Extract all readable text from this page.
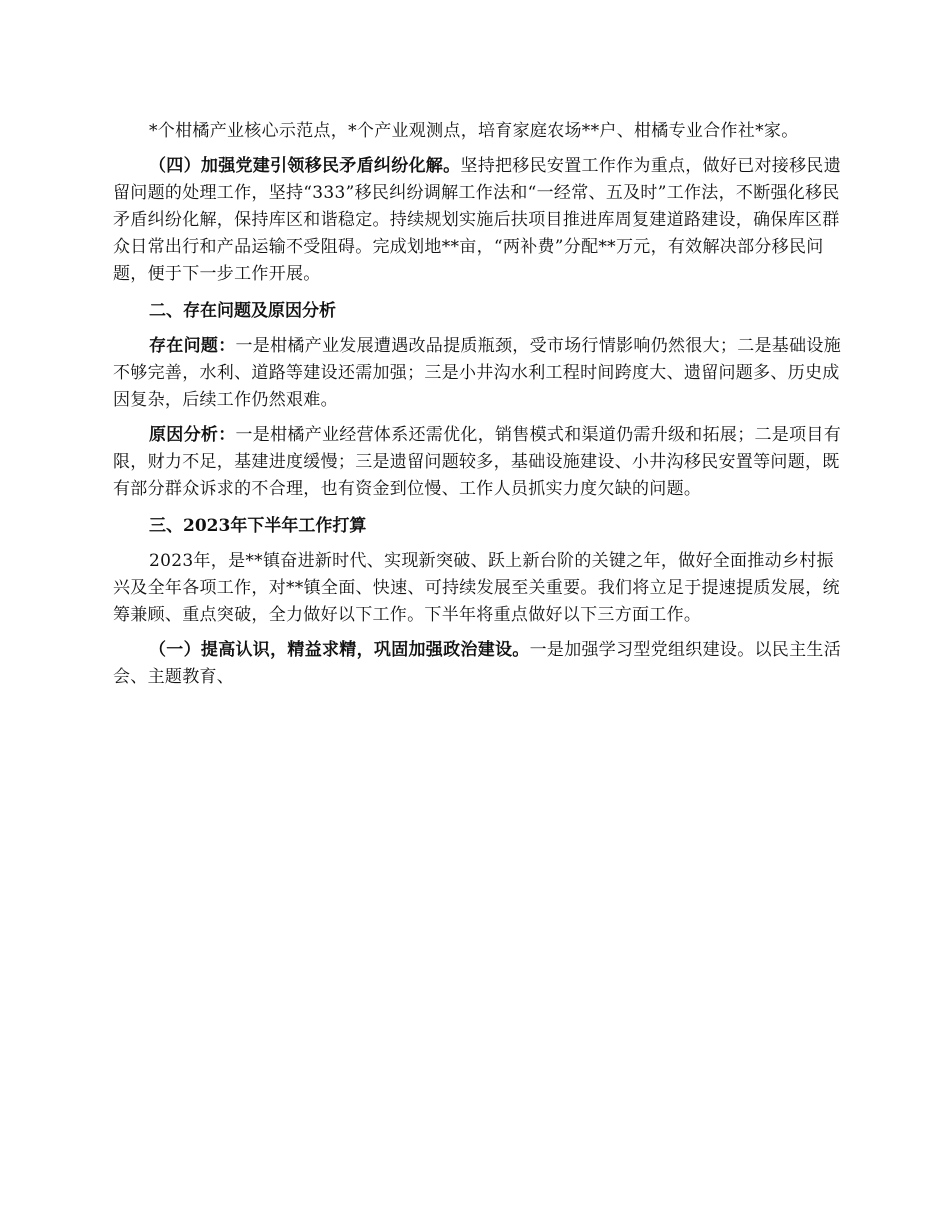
*个柑橘产业核心示范点，*个产业观测点，培育家庭农场**户、柑橘专业合作社*家。

（四）加强党建引领移民矛盾纠纷化解。坚持把移民安置工作作为重点，做好已对接移民遗留问题的处理工作，坚持“333”移民纠纷调解工作法和“一经常、五及时”工作法，不断强化移民矛盾纠纷化解，保持库区和谐稳定。持续规划实施后扶项目推进库周复建道路建设，确保库区群众日常出行和产品运输不受阻碍。完成划地**亩，“两补费”分配**万元，有效解决部分移民问题，便于下一步工作开展。

二、存在问题及原因分析

存在问题：一是柑橘产业发展遭遇改品提质瓶颈，受市场行情影响仍然很大；二是基础设施不够完善，水利、道路等建设还需加强；三是小井沟水利工程时间跨度大、遗留问题多、历史成因复杂，后续工作仍然艰难。

原因分析：一是柑橘产业经营体系还需优化，销售模式和渠道仍需升级和拓展；二是项目有限，财力不足，基建进度缓慢；三是遗留问题较多，基础设施建设、小井沟移民安置等问题，既有部分群众诉求的不合理，也有资金到位慢、工作人员抓实力度欠缺的问题。

三、2023年下半年工作打算

2023年，是**镇奋进新时代、实现新突破、跃上新台阶的关键之年，做好全面推动乡村振兴及全年各项工作，对**镇全面、快速、可持续发展至关重要。我们将立足于提速提质发展，统筹兼顾、重点突破，全力做好以下工作。下半年将重点做好以下三方面工作。

（一）提高认识，精益求精，巩固加强政治建设。一是加强学习型党组织建设。以民主生活会、主题教育、
